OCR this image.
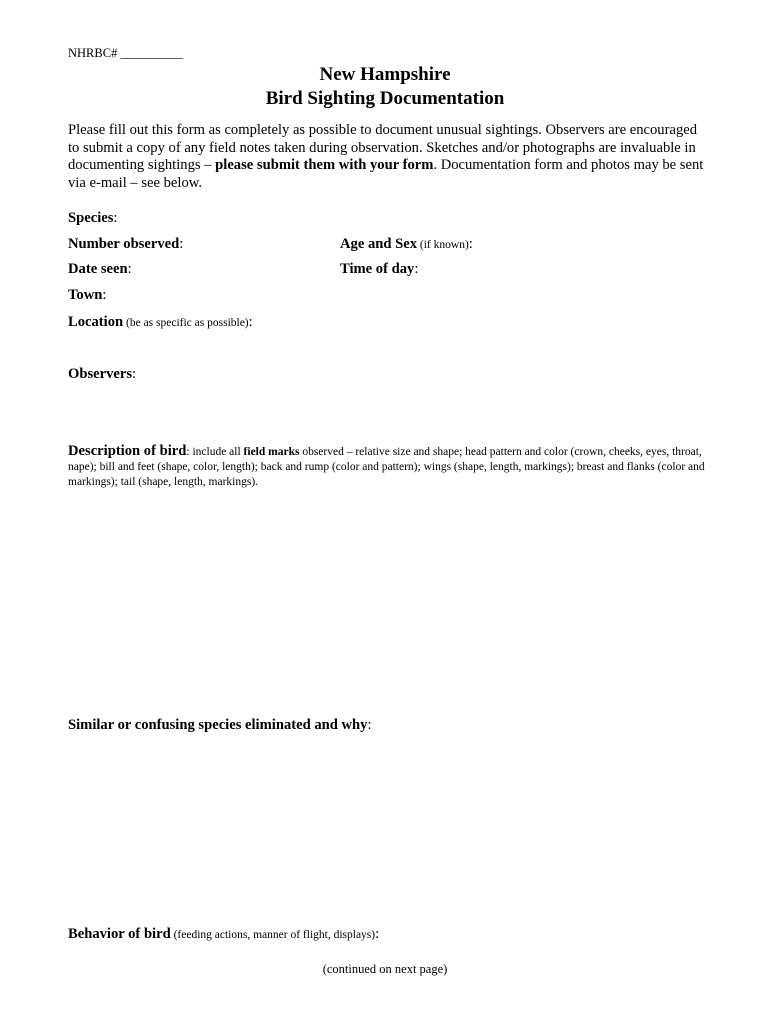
NHRBC# __________
New Hampshire
Bird Sighting Documentation
Please fill out this form as completely as possible to document unusual sightings. Observers are encouraged to submit a copy of any field notes taken during observation. Sketches and/or photographs are invaluable in documenting sightings – please submit them with your form. Documentation form and photos may be sent via e-mail – see below.
Species:
Number observed:	Age and Sex (if known):
Date seen:	Time of day:
Town:
Location (be as specific as possible):
Observers:
Description of bird: include all field marks observed – relative size and shape; head pattern and color (crown, cheeks, eyes, throat, nape); bill and feet (shape, color, length); back and rump (color and pattern); wings (shape, length, markings); breast and flanks (color and markings); tail (shape, length, markings).
Similar or confusing species eliminated and why:
Behavior of bird (feeding actions, manner of flight, displays):
(continued on next page)
